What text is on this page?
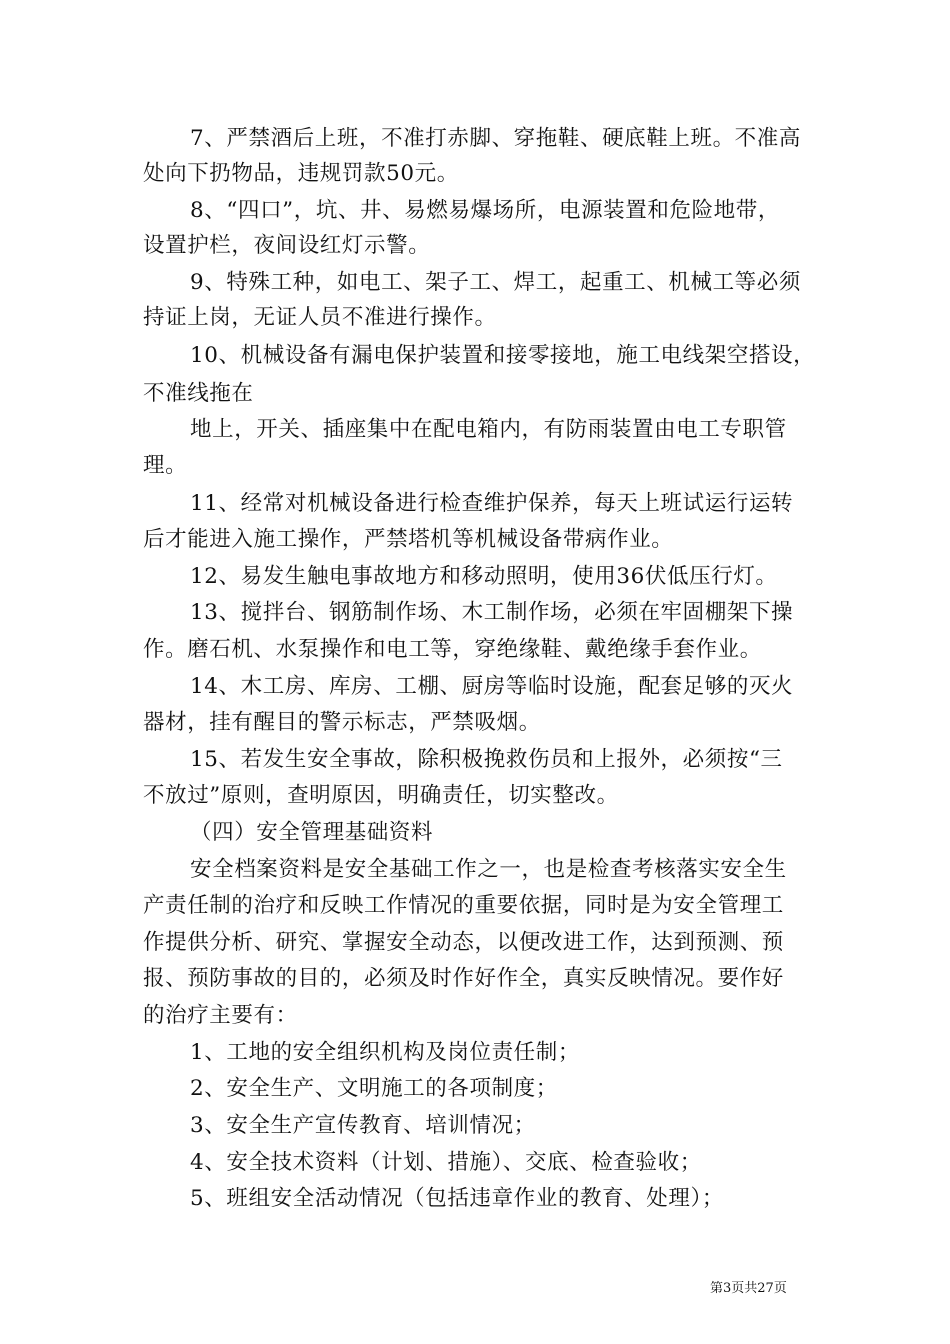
7、严禁酒后上班，不准打赤脚、穿拖鞋、硬底鞋上班。不准高
处向下扔物品，违规罚款50元。
8、“四口”，坑、井、易燃易爆场所，电源装置和危险地带，
设置护栏，夜间设红灯示警。
9、特殊工种，如电工、架子工、焊工，起重工、机械工等必须
持证上岗，无证人员不准进行操作。
10、机械设备有漏电保护装置和接零接地，施工电线架空搭设，
不准线拖在
地上，开关、插座集中在配电箱内，有防雨装置由电工专职管
理。
11、经常对机械设备进行检查维护保养，每天上班试运行运转
后才能进入施工操作，严禁塔机等机械设备带病作业。
12、易发生触电事故地方和移动照明，使用36伏低压行灯。
13、搅拌台、钢筋制作场、木工制作场，必须在牢固棚架下操
作。磨石机、水泵操作和电工等，穿绝缘鞋、戴绝缘手套作业。
14、木工房、库房、工棚、厨房等临时设施，配套足够的灭火
器材，挂有醒目的警示标志，严禁吸烟。
15、若发生安全事故，除积极挽救伤员和上报外，必须按“三
不放过”原则，查明原因，明确责任，切实整改。
（四）安全管理基础资料
安全档案资料是安全基础工作之一，也是检查考核落实安全生
产责任制的治疗和反映工作情况的重要依据，同时是为安全管理工
作提供分析、研究、掌握安全动态，以便改进工作，达到预测、预
报、预防事故的目的，必须及时作好作全，真实反映情况。要作好
的治疗主要有：
1、工地的安全组织机构及岗位责任制；
2、安全生产、文明施工的各项制度；
3、安全生产宣传教育、培训情况；
4、安全技术资料（计划、措施）、交底、检查验收；
5、班组安全活动情况（包括违章作业的教育、处理）；
第3页共27页
